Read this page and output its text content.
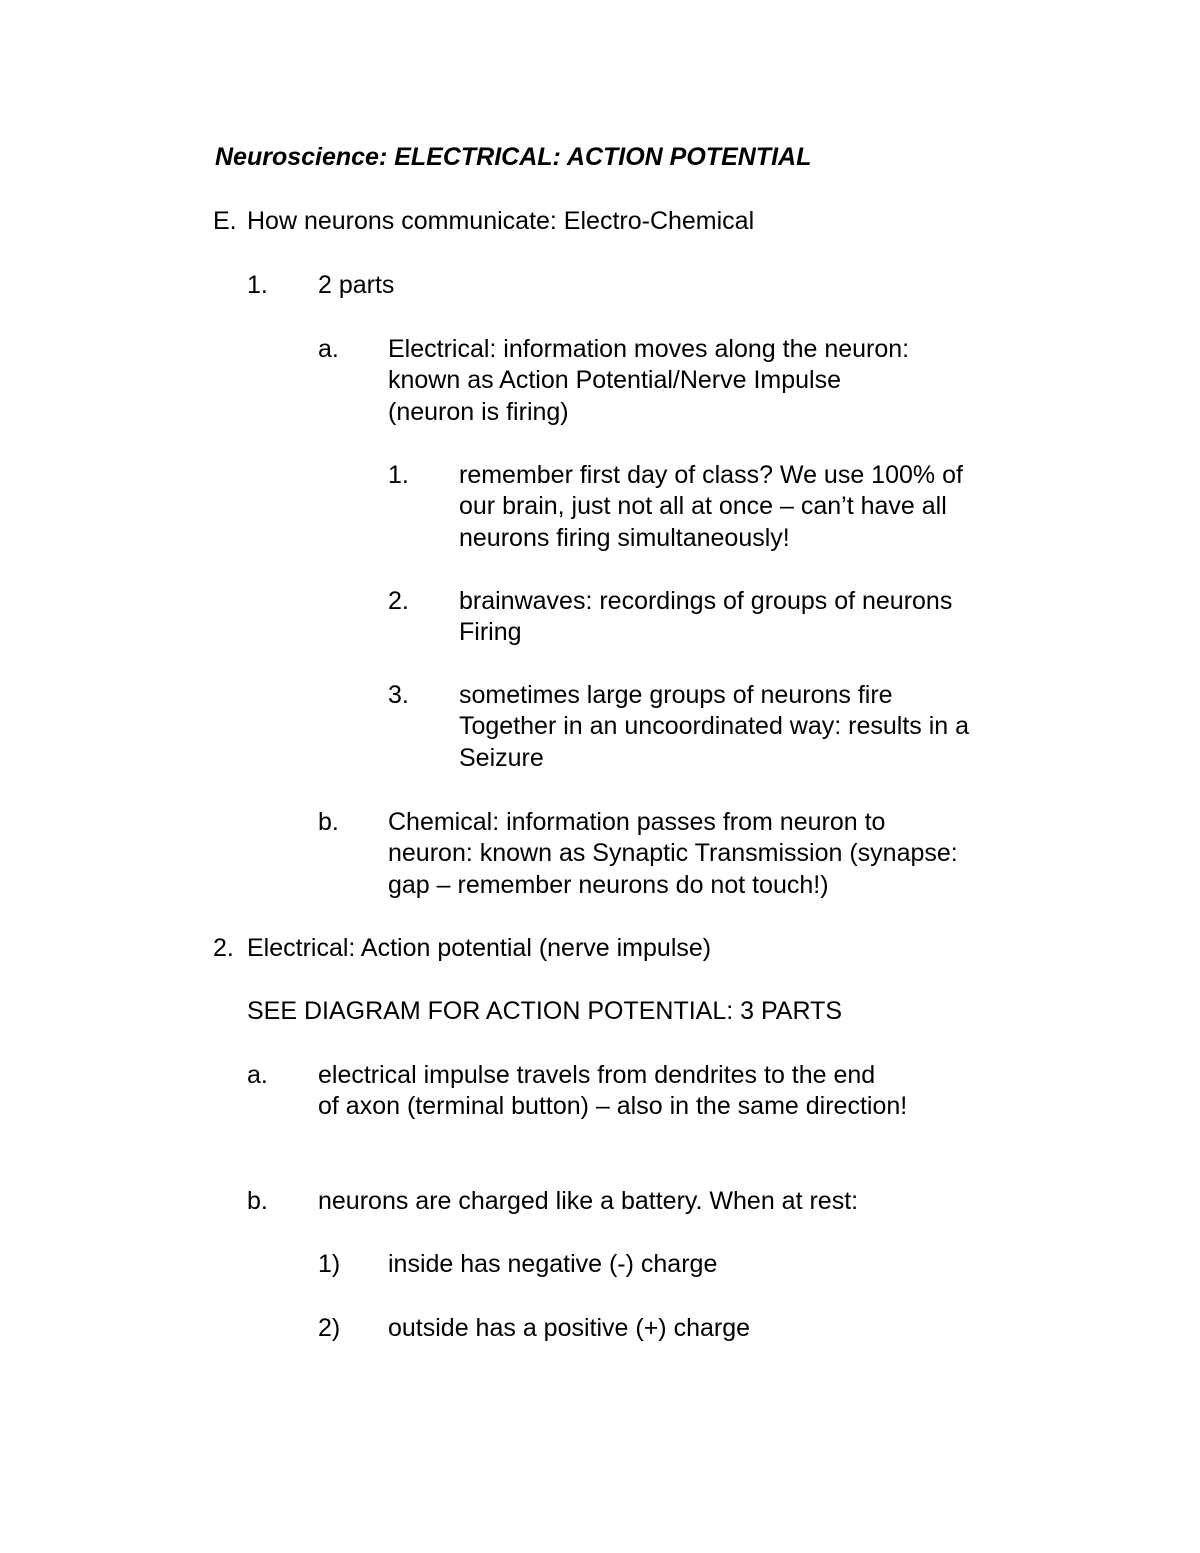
Neuroscience: ELECTRICAL: ACTION POTENTIAL

E. How neurons communicate: Electro-Chemical

1. 2 parts

a. Electrical: information moves along the neuron:

known as Action Potential/Nerve Impulse

(neuron is firing)

1. remember first day of class? We use 100% of

our brain, just not all at once – can’t have all

neurons firing simultaneously!

2. brainwaves: recordings of groups of neurons

Firing

3. sometimes large groups of neurons fire

Together in an uncoordinated way: results in a

Seizure

b. Chemical: information passes from neuron to

neuron: known as Synaptic Transmission (synapse:

gap – remember neurons do not touch!)

2. Electrical: Action potential (nerve impulse)

SEE DIAGRAM FOR ACTION POTENTIAL: 3 PARTS

a. electrical impulse travels from dendrites to the end

of axon (terminal button) – also in the same direction!

b. neurons are charged like a battery. When at rest:

1) inside has negative (-) charge

2) outside has a positive (+) charge
